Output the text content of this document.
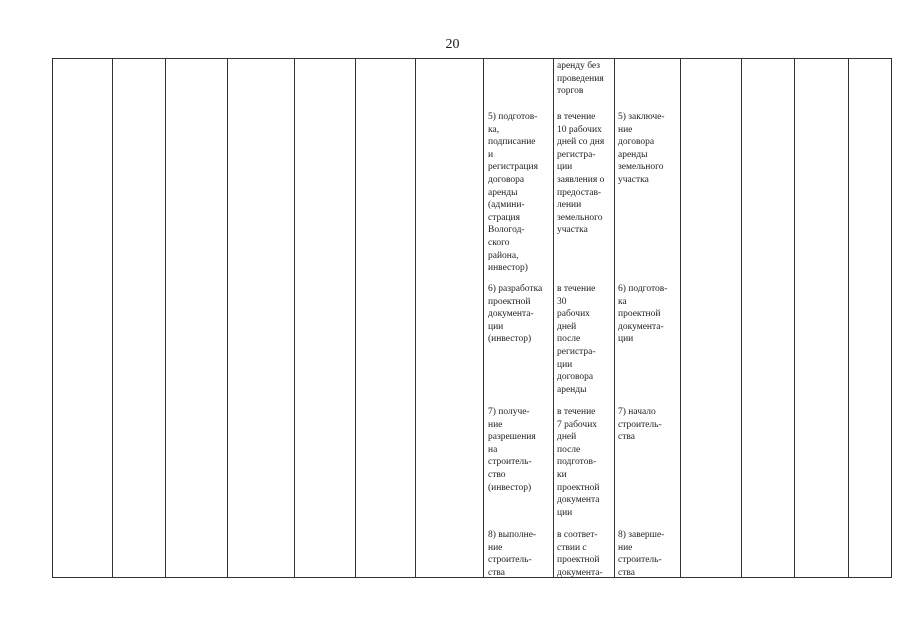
20
аренду без
проведения
торгов
5) подготов-
ка,
подписание
и
регистрация
договора
аренды
(админи-
страция
Вологод-
ского
района,
инвестор)
в течение
10 рабочих
дней со дня
регистра-
ции
заявления о
предостав-
лении
земельного
участка
5) заключе-
ние
договора
аренды
земельного
участка
6) разработка
проектной
документа-
ции
(инвестор)
в течение
30
рабочих
дней
после
регистра-
ции
договора
аренды
6) подготов-
ка
проектной
документа-
ции
7) получе-
ние
разрешения
на
строитель-
ство
(инвестор)
в течение
7 рабочих
дней
после
подготов-
ки
проектной
документа
ции
7) начало
строитель-
ства
8) выполне-
ние
строитель-
ства
в соответ-
ствии с
проектной
документа-
8) заверше-
ние
строитель-
ства
